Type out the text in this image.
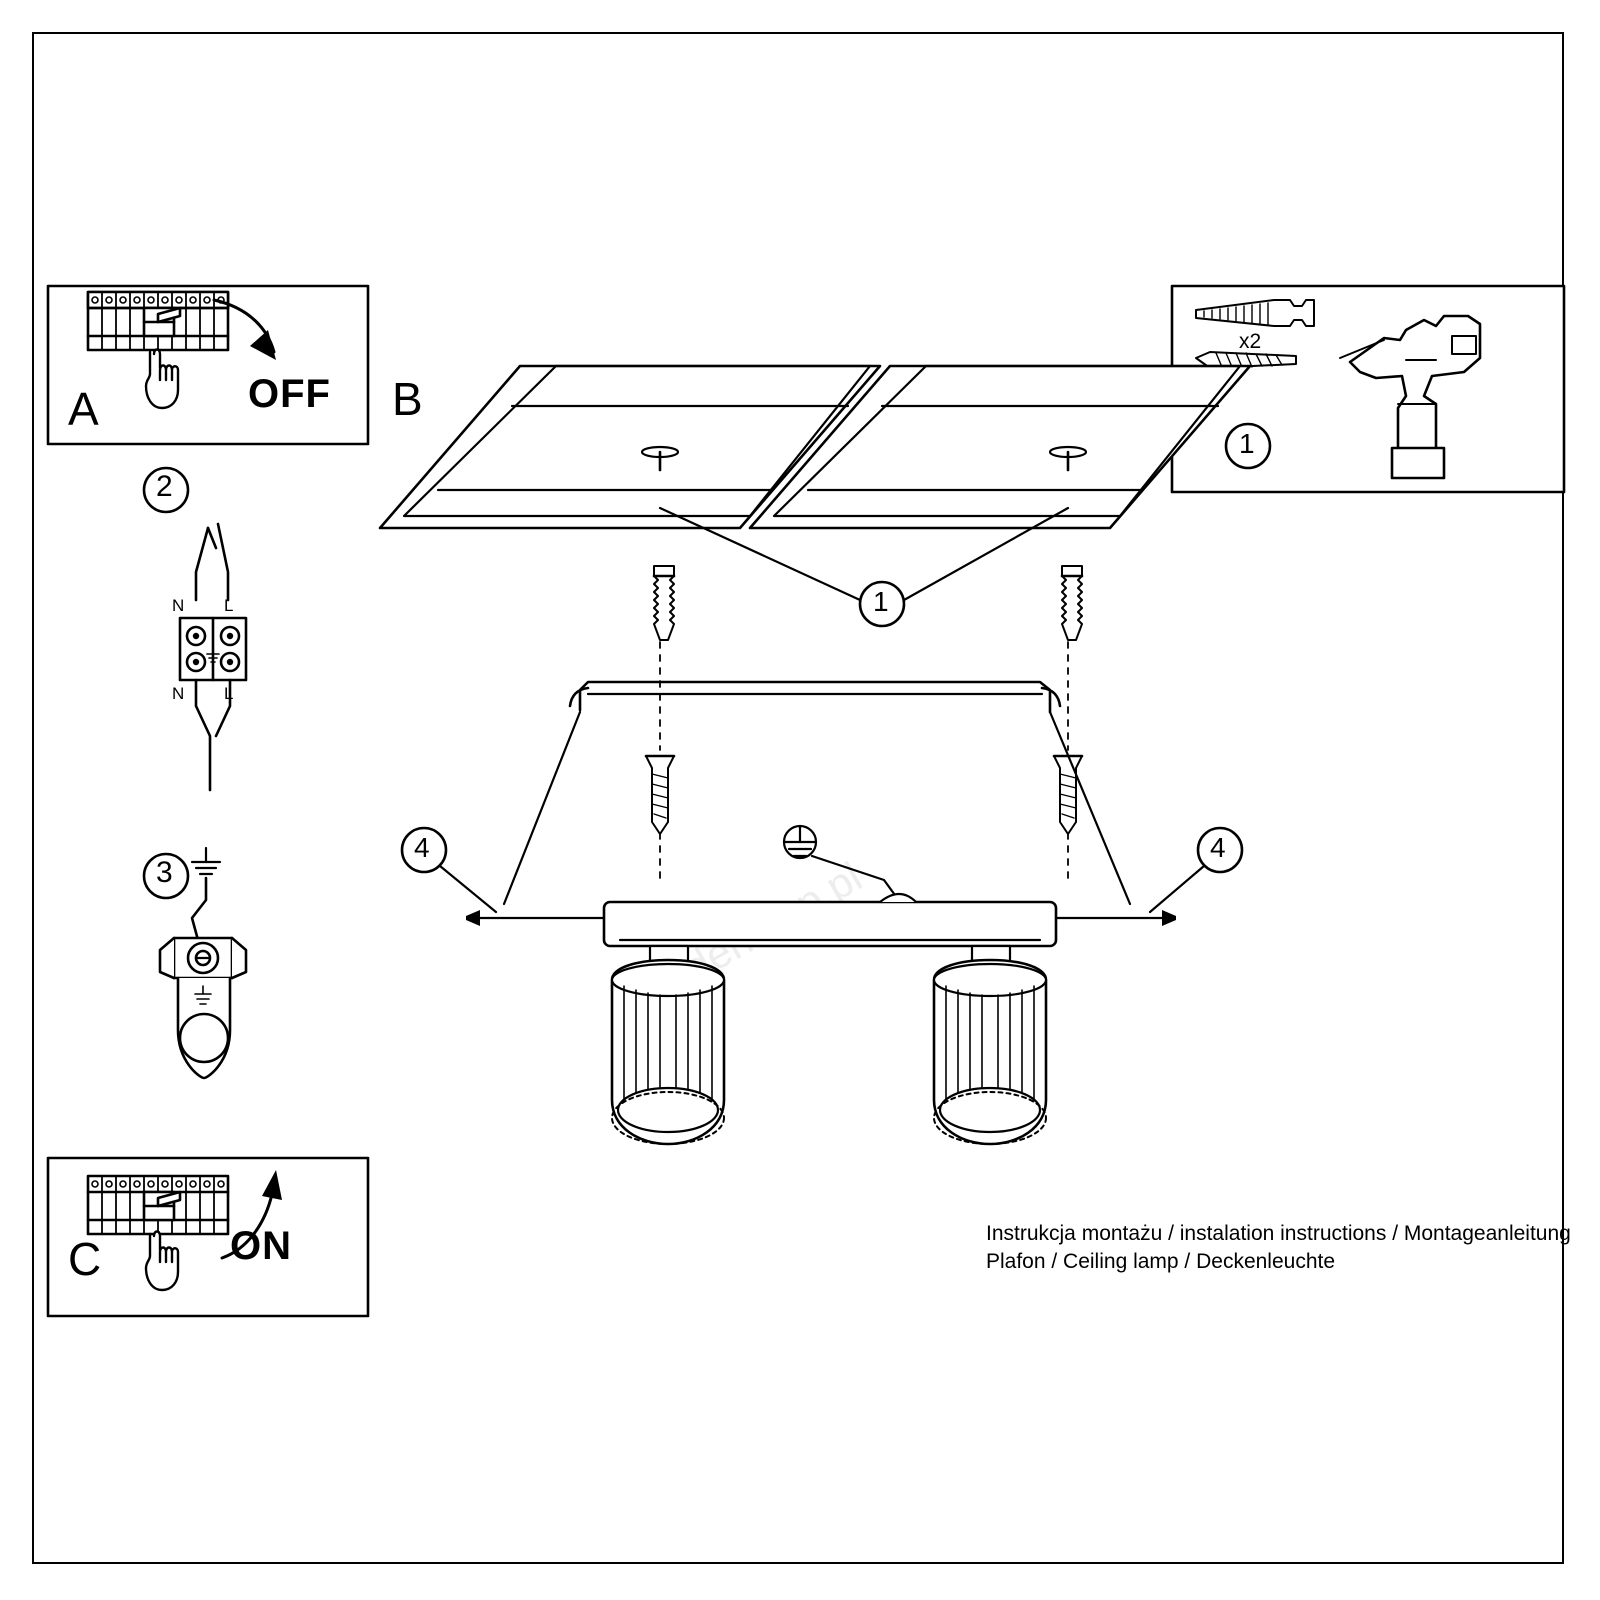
A	OFF B
C	ON
2
3
1
1
4	4
x2
N L
N L
Instrukcja montażu / instalation instructions / Montageanleitung
Plafon / Ceiling lamp / Deckenleuchte
